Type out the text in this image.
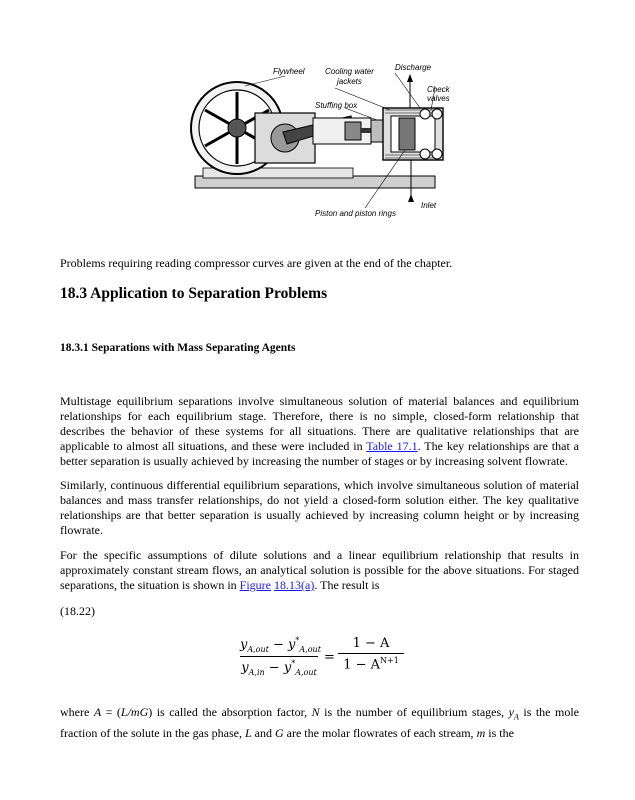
Flywheel	Cooling water
jackets
Discharge
Check
valves
Stuffing box
Inlet
Piston and piston rings

Problems requiring reading compressor curves are given at the end of the chapter.

18.3 Application to Separation Problems
18.3.1 Separations with Mass Separating Agents

Multistage equilibrium separations involve simultaneous solution of material balances and equilibrium relationships for each equilibrium stage. Therefore, there is no simple, closed-form relationship that describes the behavior of these systems for all situations. There are qualitative relationships that are applicable to almost all situations, and these were included in Table 17.1. The key relationships are that a better separation is usually achieved by increasing the number of stages or by increasing solvent flowrate.

Similarly, continuous differential equilibrium separations, which involve simultaneous solution of material balances and mass transfer relationships, do not yield a closed-form solution either. The key qualitative relationships are that better separation is usually achieved by increasing column height or by increasing flowrate.

For the specific assumptions of dilute solutions and a linear equilibrium relationship that results in approximately constant stream flows, an analytical solution is possible for the above situations. For staged separations, the situation is shown in Figure 18.13(a). The result is

(18.22)

$y_{A,out} - y^*_{A,out}$
$y_{A,in} - y^*_{A,out}$
=
1 − A
$1 - A^{N+1}$

where A = (L/mG) is called the absorption factor, N is the number of equilibrium stages, $y_A$ is the mole fraction of the solute in the gas phase, L and G are the molar flowrates of each stream, m is the
